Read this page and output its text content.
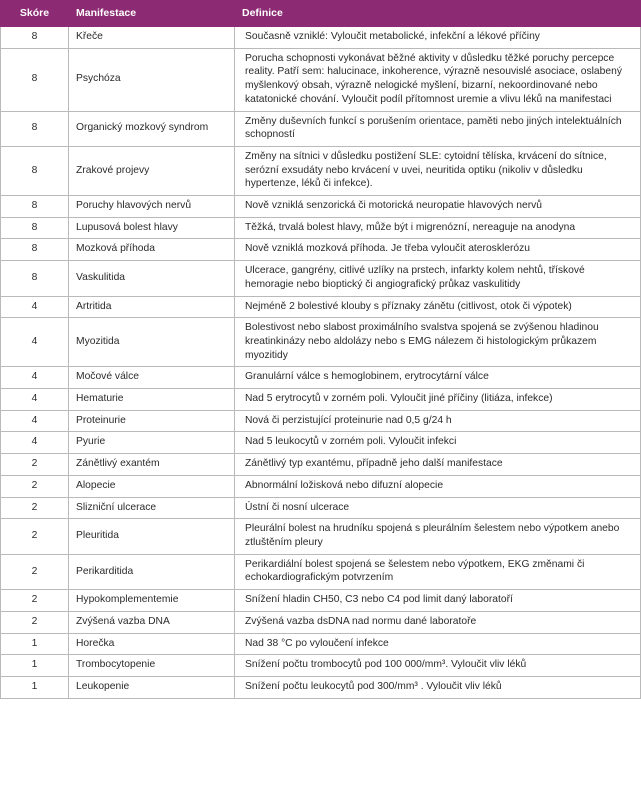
Skóre	Manifestace	Definice
8	Křeče	Současně vzniklé: Vyloučit metabolické, infekční a lékové příčiny
8	Psychóza	Porucha schopnosti vykonávat běžné aktivity v důsledku těžké poruchy percepce reality. Patří sem: halucinace, inkoherence, výrazně nesouvislé asociace, oslabený myšlenkový obsah, výrazně nelogické myšlení, bizarní, nekoordinované nebo katatonické chování. Vyloučit podíl přítomnost uremie a vlivu léků na manifestaci
8	Organický mozkový syndrom	Změny duševních funkcí s porušením orientace, paměti nebo jiných intelektuálních schopností
8	Zrakové projevy	Změny na sítnici v důsledku postižení SLE: cytoidní tělíska, krvácení do sítnice, serózní exsudáty nebo krvácení v uvei, neuritida optiku (nikoliv v důsledku hypertenze, léků či infekce).
8	Poruchy hlavových nervů	Nově vzniklá senzorická či motorická neuropatie hlavových nervů
8	Lupusová bolest hlavy	Těžká, trvalá bolest hlavy, může být i migrenózní, nereaguje na anodyna
8	Mozková příhoda	Nově vzniklá mozková příhoda. Je třeba vyloučit aterosklerózu
8	Vaskulitida	Ulcerace, gangrény, citlivé uzlíky na prstech, infarkty kolem nehtů, třískové hemoragie nebo bioptický či angiografický průkaz vaskulitidy
4	Artritida	Nejméně 2 bolestivé klouby s příznaky zánětu (citlivost, otok či výpotek)
4	Myozitida	Bolestivost nebo slabost proximálního svalstva spojená se zvýšenou hladinou kreatinkinázy nebo aldolázy nebo s EMG nálezem či histologickým průkazem myozitidy
4	Močové válce	Granulární válce s hemoglobinem, erytrocytární válce
4	Hematurie	Nad 5 erytrocytů v zorném poli. Vyloučit jiné příčiny (litiáza, infekce)
4	Proteinurie	Nová či perzistující proteinurie nad 0,5 g/24 h
4	Pyurie	Nad 5 leukocytů v zorném poli. Vyloučit infekci
2	Zánětlivý exantém	Zánětlivý typ exantému, případně jeho další manifestace
2	Alopecie	Abnormální ložisková nebo difuzní alopecie
2	Slizniční ulcerace	Ústní či nosní ulcerace
2	Pleuritida	Pleurální bolest na hrudníku spojená s pleurálním šelestem nebo výpotkem anebo ztluštěním pleury
2	Perikarditida	Perikardiální bolest spojená se šelestem nebo výpotkem, EKG změnami či echokardiografickým potvrzením
2	Hypokomplementemie	Snížení hladin CH50, C3 nebo C4 pod limit daný laboratoří
2	Zvýšená vazba DNA	Zvýšená vazba dsDNA nad normu dané laboratoře
1	Horečka	Nad 38 °C po vyloučení infekce
1	Trombocytopenie	Snížení počtu trombocytů pod 100 000/mm³. Vyloučit vliv léků
1	Leukopenie	Snížení počtu leukocytů pod 300/mm³ . Vyloučit vliv léků
